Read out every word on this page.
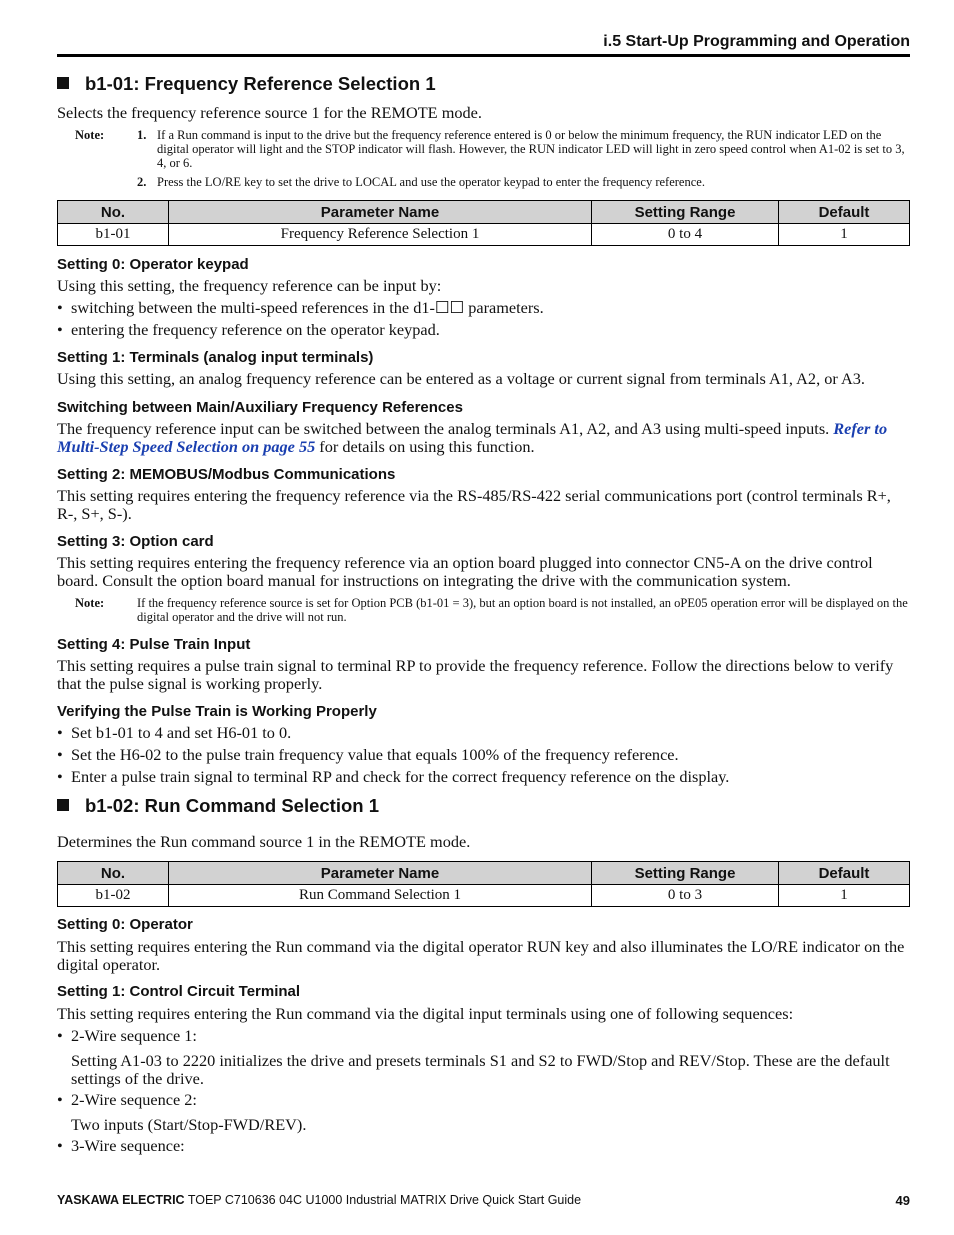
i.5 Start-Up Programming and Operation
b1-01: Frequency Reference Selection 1
Selects the frequency reference source 1 for the REMOTE mode.
Note:	1. If a Run command is input to the drive but the frequency reference entered is 0 or below the minimum frequency, the RUN indicator LED on the digital operator will light and the STOP indicator will flash. However, the RUN indicator LED will light in zero speed control when A1-02 is set to 3, 4, or 6.
2. Press the LO/RE key to set the drive to LOCAL and use the operator keypad to enter the frequency reference.
No.	Parameter Name	Setting Range	Default
b1-01	Frequency Reference Selection 1	0 to 4	1
Setting 0: Operator keypad
Using this setting, the frequency reference can be input by:
• switching between the multi-speed references in the d1-☐☐ parameters.
• entering the frequency reference on the operator keypad.
Setting 1: Terminals (analog input terminals)
Using this setting, an analog frequency reference can be entered as a voltage or current signal from terminals A1, A2, or A3.
Switching between Main/Auxiliary Frequency References
The frequency reference input can be switched between the analog terminals A1, A2, and A3 using multi-speed inputs. Refer to Multi-Step Speed Selection on page 55 for details on using this function.
Setting 2: MEMOBUS/Modbus Communications
This setting requires entering the frequency reference via the RS-485/RS-422 serial communications port (control terminals R+, R-, S+, S-).
Setting 3: Option card
This setting requires entering the frequency reference via an option board plugged into connector CN5-A on the drive control board. Consult the option board manual for instructions on integrating the drive with the communication system.
Note:	If the frequency reference source is set for Option PCB (b1-01 = 3), but an option board is not installed, an oPE05 operation error will be displayed on the digital operator and the drive will not run.
Setting 4: Pulse Train Input
This setting requires a pulse train signal to terminal RP to provide the frequency reference. Follow the directions below to verify that the pulse signal is working properly.
Verifying the Pulse Train is Working Properly
• Set b1-01 to 4 and set H6-01 to 0.
• Set the H6-02 to the pulse train frequency value that equals 100% of the frequency reference.
• Enter a pulse train signal to terminal RP and check for the correct frequency reference on the display.
b1-02: Run Command Selection 1
Determines the Run command source 1 in the REMOTE mode.
No.	Parameter Name	Setting Range	Default
b1-02	Run Command Selection 1	0 to 3	1
Setting 0: Operator
This setting requires entering the Run command via the digital operator RUN key and also illuminates the LO/RE indicator on the digital operator.
Setting 1: Control Circuit Terminal
This setting requires entering the Run command via the digital input terminals using one of following sequences:
• 2-Wire sequence 1:
Setting A1-03 to 2220 initializes the drive and presets terminals S1 and S2 to FWD/Stop and REV/Stop. These are the default settings of the drive.
• 2-Wire sequence 2:
Two inputs (Start/Stop-FWD/REV).
• 3-Wire sequence:
YASKAWA ELECTRIC TOEP C710636 04C U1000 Industrial MATRIX Drive Quick Start Guide	49
